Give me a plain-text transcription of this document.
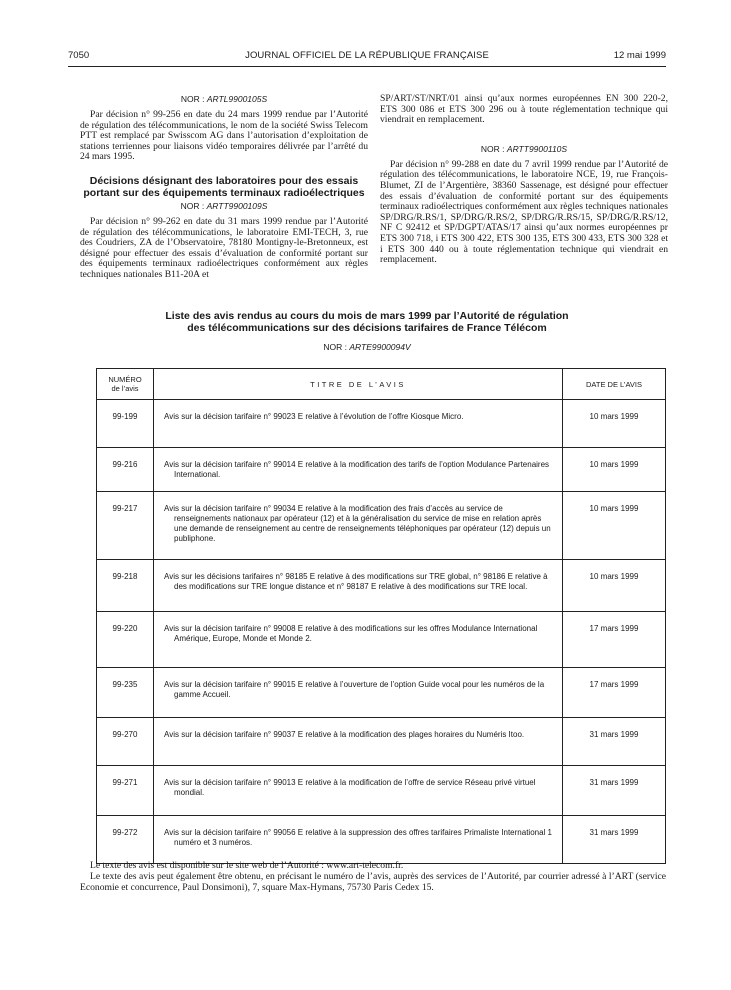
7050	JOURNAL OFFICIEL DE LA RÉPUBLIQUE FRANÇAISE	12 mai 1999

NOR : ARTL9900105S

Par décision n° 99-256 en date du 24 mars 1999 rendue par l’Autorité de régulation des télécommunications, le nom de la société Swiss Telecom PTT est remplacé par Swisscom AG dans l’autorisation d’exploitation de stations terriennes pour liaisons vidéo temporaires délivrée par l’arrêté du 24 mars 1995.

Décisions désignant des laboratoires pour des essais portant sur des équipements terminaux radioélectriques

NOR : ARTT9900109S

Par décision n° 99-262 en date du 31 mars 1999 rendue par l’Autorité de régulation des télécommunications, le laboratoire EMI-TECH, 3, rue des Coudriers, ZA de l’Observatoire, 78180 Montigny-le-Bretonneux, est désigné pour effectuer des essais d’évaluation de conformité portant sur des équipements terminaux radioélectriques conformément aux règles techniques nationales B11-20A et

SP/ART/ST/NRT/01 ainsi qu’aux normes européennes EN 300 220-2, ETS 300 086 et ETS 300 296 ou à toute réglementation technique qui viendrait en remplacement.

NOR : ARTT9900110S

Par décision n° 99-288 en date du 7 avril 1999 rendue par l’Autorité de régulation des télécommunications, le laboratoire NCE, 19, rue François-Blumet, ZI de l’Argentière, 38360 Sassenage, est désigné pour effectuer des essais d’évaluation de conformité portant sur des équipements terminaux radioélectriques conformément aux règles techniques nationales SP/DRG/R.RS/1, SP/DRG/R.RS/2, SP/DRG/R.RS/15, SP/DRG/R.RS/12, NF C 92412 et SP/DGPT/ATAS/17 ainsi qu’aux normes européennes pr ETS 300 718, i ETS 300 422, ETS 300 135, ETS 300 433, ETS 300 328 et i ETS 300 440 ou à toute réglementation technique qui viendrait en remplacement.

Liste des avis rendus au cours du mois de mars 1999 par l’Autorité de régulation
des télécommunications sur des décisions tarifaires de France Télécom

NOR : ARTE9900094V

NUMÉRO
de l’avis	TITRE DE L’AVIS	DATE DE L’AVIS
99-199	Avis sur la décision tarifaire n° 99023 E relative à l’évolution de l’offre Kiosque Micro.	10 mars 1999
99-216	Avis sur la décision tarifaire n° 99014 E relative à la modification des tarifs de l’option Modulance Partenaires International.	10 mars 1999
99-217	Avis sur la décision tarifaire n° 99034 E relative à la modification des frais d’accès au service de renseignements nationaux par opérateur (12) et à la généralisation du service de mise en relation après une demande de renseignement au centre de renseignements téléphoniques par opérateur (12) depuis un publiphone.	10 mars 1999
99-218	Avis sur les décisions tarifaires n° 98185 E relative à des modifications sur TRE global, n° 98186 E relative à des modifications sur TRE longue distance et n° 98187 E relative à des modifications sur TRE local.	10 mars 1999
99-220	Avis sur la décision tarifaire n° 99008 E relative à des modifications sur les offres Modulance International Amérique, Europe, Monde et Monde 2.	17 mars 1999
99-235	Avis sur la décision tarifaire n° 99015 E relative à l’ouverture de l’option Guide vocal pour les numéros de la gamme Accueil.	17 mars 1999
99-270	Avis sur la décision tarifaire n° 99037 E relative à la modification des plages horaires du Numéris Itoo.	31 mars 1999
99-271	Avis sur la décision tarifaire n° 99013 E relative à la modification de l’offre de service Réseau privé virtuel mondial.	31 mars 1999
99-272	Avis sur la décision tarifaire n° 99056 E relative à la suppression des offres tarifaires Primaliste International 1 numéro et 3 numéros.	31 mars 1999

Le texte des avis est disponible sur le site web de l’Autorité : www.art-telecom.fr.

Le texte des avis peut également être obtenu, en précisant le numéro de l’avis, auprès des services de l’Autorité, par courrier adressé à l’ART (service Economie et concurrence, Paul Donsimoni), 7, square Max-Hymans, 75730 Paris Cedex 15.
